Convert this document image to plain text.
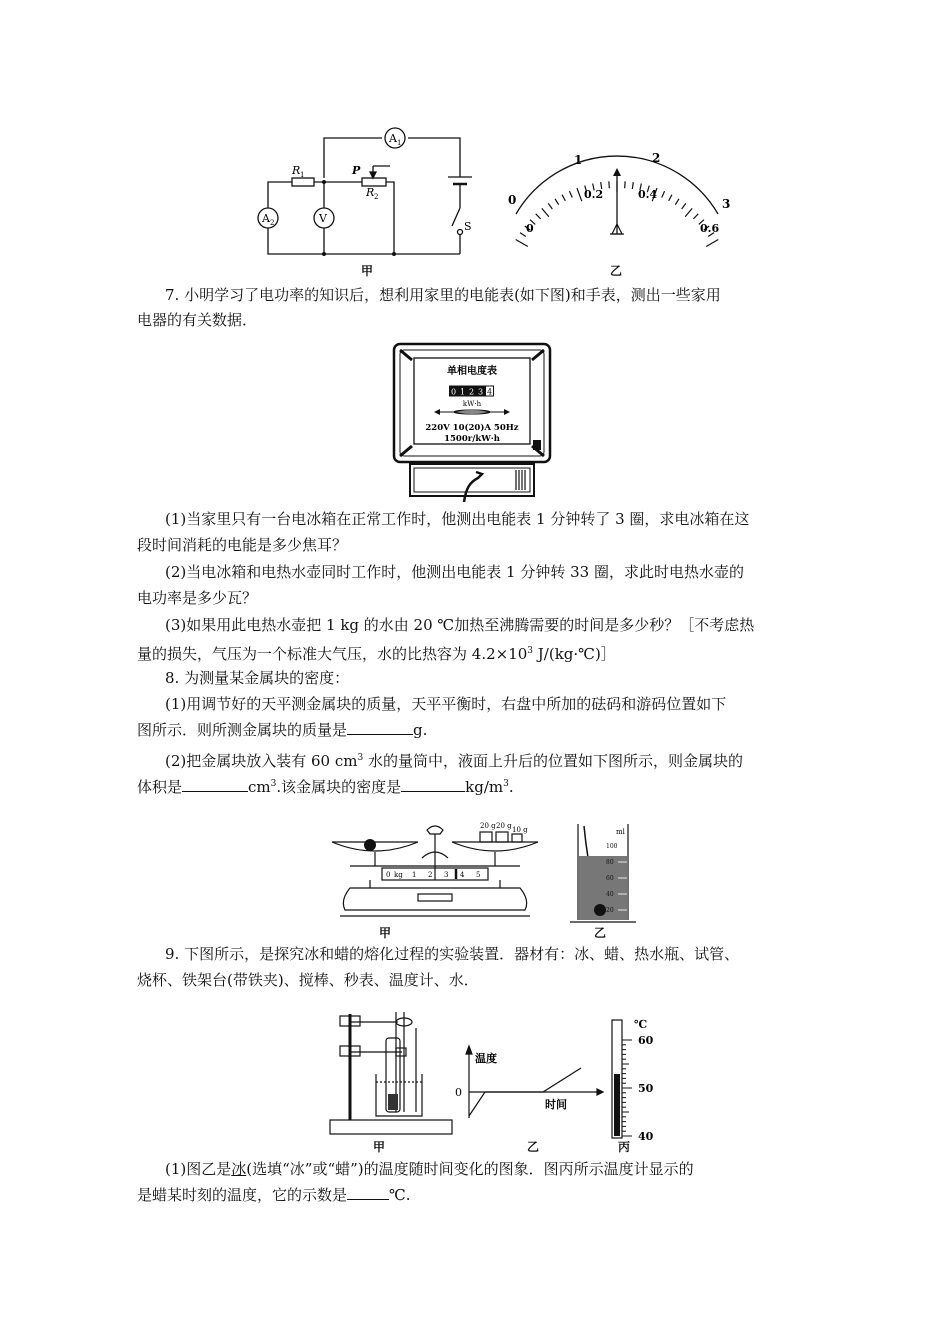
A 1
A 2	V
R 1	P
R 2
S
0
1	2
3
0
0.2	0.4
0.6
甲	乙
7. 小明学习了电功率的知识后，想利用家里的电能表(如下图)和手表，测出一些家用
电器的有关数据．
单相电度表
0 1 2 3 4
kW·h
220V 10(20)A 50Hz
1500r/kW·h
(1)当家里只有一台电冰箱在正常工作时，他测出电能表 1 分钟转了 3 圈，求电冰箱在这
段时间消耗的电能是多少焦耳？
(2)当电冰箱和电热水壶同时工作时，他测出电能表 1 分钟转 33 圈，求此时电热水壶的
电功率是多少瓦？
(3)如果用此电热水壶把 1 kg 的水由 20 ℃加热至沸腾需要的时间是多少秒？［不考虑热
量的损失，气压为一个标准大气压，水的比热容为 $4.2\times 10^3$ J/(kg·℃)］
8. 为测量某金属块的密度：
(1)用调节好的天平测金属块的质量，天平平衡时，右盘中所加的砝码和游码位置如下
图所示．则所测金属块的质量是	g.
(2)把金属块放入装有 60 $cm^3$ 水的量筒中，液面上升后的位置如下图所示，则金属块的
体积是	$cm^3$.该金属块的密度是	$kg/m^3$.
20 g 20 g 10 g
0 kg 1 2 3 4 5
ml
100
80
60
40
20
甲	乙
9. 下图所示，是探究冰和蜡的熔化过程的实验装置．器材有：冰、蜡、热水瓶、试管、
烧杯、铁架台(带铁夹)、搅棒、秒表、温度计、水．
温度
0
时间
℃
60
50
40
甲	乙	丙
(1)图乙是冰(选填“冰”或“蜡”)的温度随时间变化的图象．图丙所示温度计显示的
是蜡某时刻的温度，它的示数是	℃.
